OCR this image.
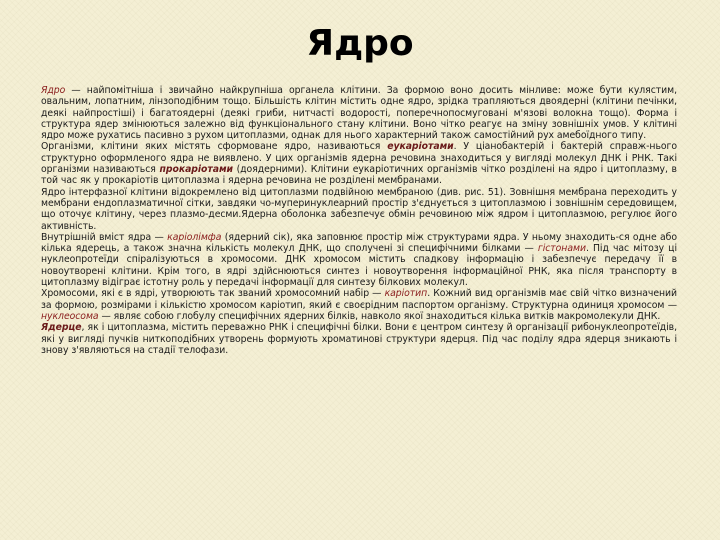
Ядро

Ядро — найпомітніша і звичайно найкрупніша органела клітини. За формою воно досить мінливе: може бути кулястим, овальним, лопатним, лінзоподібним тощо. Більшість клітин містить одне ядро, зрідка трапляються двоядерні (клітини печінки, деякі найпростіші) і багатоядерні (деякі гриби, нитчасті водорості, поперечнопосмуговані м'язові волокна тощо). Форма і структура ядер змінюються залежно від функціонального стану клітини. Воно чітко реагує на зміну зовнішніх умов. У клітині ядро може рухатись пасивно з рухом цитоплазми, однак для нього характерний також самостійний рух амебоїдного типу.

Організми, клітини яких містять сформоване ядро, називаються еукаріотами. У ціанобактерій і бактерій справж-нього структурно оформленого ядра не виявлено. У цих організмів ядерна речовина знаходиться у вигляді молекул ДНК і РНК. Такі організми називаються прокаріотами (доядерними). Клітини еукаріотичних організмів чітко розділені на ядро і цитоплазму, в той час як у прокаріотів цитоплазма і ядерна речовина не розділені мембранами.

Ядро інтерфазної клітини відокремлено від цитоплазми подвійною мембраною (див. рис. 51). Зовнішня мембрана переходить у мембрани ендоплазматичної сітки, завдяки чо-муперинуклеарний простір з'єднується з цитоплазмою і зовнішнім середовищем, що оточує клітину, через плазмо-десми.Ядерна оболонка забезпечує обмін речовиною між ядром і цитоплазмою, регулює його активність.

Внутрішній вміст ядра — каріолімфа (ядерний сік), яка заповнює простір між структурами ядра. У ньому знаходить-ся одне або кілька ядерець, а також значна кількість молекул ДНК, що сполучені зі специфічними білками — гістонами. Під час мітозу ці нуклеопротеїди спіралізуються в хромосоми. ДНК хромосом містить спадкову інформацію і забезпечує передачу її в новоутворені клітини. Крім того, в ядрі здійснюються синтез і новоутворення інформаційної РНК, яка після транспорту в цитоплазму відіграє істотну роль у передачі інформації для синтезу білкових молекул.

Хромосоми, які є в ядрі, утворюють так званий хромосомний набір — каріотип. Кожний вид організмів має свій чітко визначений за формою, розмірами і кількістю хромосом каріотип, який є своєрідним паспортом організму. Структурна одиниця хромосом — нуклеосома — являє собою глобулу специфічних ядерних білків, навколо якої знаходиться кілька витків макромолекули ДНК.

Ядерце, як і цитоплазма, містить переважно РНК і специфічні білки. Вони є центром синтезу й організації рибонуклеопротеїдів, які у вигляді пучків ниткоподібних утворень формують хроматинові структури ядерця. Під час поділу ядра ядерця зникають і знову з'являються на стадії телофази.
